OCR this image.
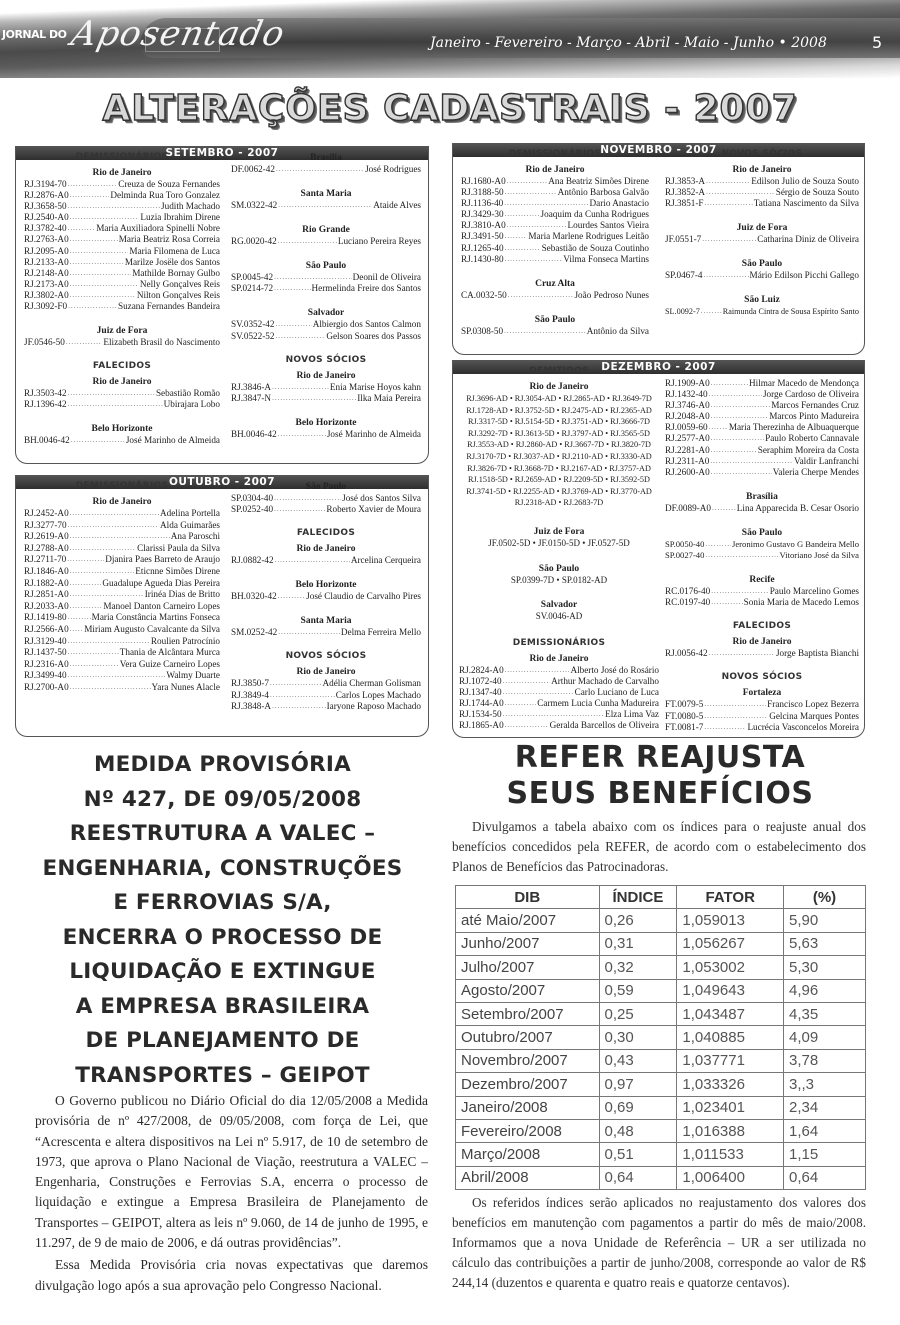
JORNAL DO Aposentado	Janeiro - Fevereiro - Março - Abril - Maio - Junho • 2008	5
ALTERAÇÕES CADASTRAIS - 2007
SETEMBRO - 2007
DEMISSIONÁRIOS
Rio de Janeiro
RJ.3194-70 .....	Creuza de Souza Fernandes
RJ.2876-A0 .....	Delminda Rua Toro Gonzalez
RJ.3658-50 .....	Judith Machado
RJ.2540-A0 .....	Luzia Ibrahim Direne
RJ.3782-40 .....	Maria Auxiliadora Spinelli Nobre
RJ.2763-A0 .....	Maria Beatriz Rosa Correia
RJ.2095-A0 .....	Maria Filomena de Luca
RJ.2133-A0 .....	Marilze Josële dos Santos
RJ.2148-A0 .....	Mathilde Bornay Gulbo
RJ.2173-A0 .....	Nelly Gonçalves Reis
RJ.3802-A0 .....	Nilton Gonçalves Reis
RJ.3092-F0 .....	Suzana Fernandes Bandeira
Juiz de Fora
JF.0546-50 .....	Elizabeth Brasil do Nascimento
FALECIDOS
Rio de Janeiro
RJ.3503-42 .....	Sebastião Romão
RJ.1396-42 .....	Ubirajara Lobo
Belo Horizonte
BH.0046-42 .....	José Marinho de Almeida
Brasília
DF.0062-42 .....	José Rodrigues
Santa Maria
SM.0322-42 .....	Ataide Alves
Rio Grande
RG.0020-42 .....	Luciano Pereira Reyes
São Paulo
SP.0045-42 .....	Deonil de Oliveira
SP.0214-72 .....	Hermelinda Freire dos Santos
Salvador
SV.0352-42 .....	Albiergio dos Santos Calmon
SV.0522-52 .....	Gelson Soares dos Passos
NOVOS SÓCIOS
Rio de Janeiro
RJ.3846-A .....	Enia Marise Hoyos kahn
RJ.3847-N .....	Ilka Maia Pereira
Belo Horizonte
BH.0046-42 .....	José Marinho de Almeida
OUTUBRO - 2007
DEMISSIONÁRIOS
Rio de Janeiro
RJ.2452-A0 .....	Adelina Portella
RJ.3277-70 .....	Alda Guimarães
RJ.2619-A0 .....	Ana Paroschi
RJ.2788-A0 .....	Clarissi Paula da Silva
RJ.2711-70 .....	Djanira Paes Barreto de Araujo
RJ.1846-A0 .....	Eticnne Simões Direne
RJ.1882-A0 .....	Guadalupe Agueda Dias Pereira
RJ.2851-A0 .....	Irinéa Dias de Britto
RJ.2033-A0 .....	Manoel Danton Carneiro Lopes
RJ.1419-80 .....	Maria Constância Martins Fonseca
RJ.2566-A0 ..... Miriam Augusto Cavalcante da Silva
RJ.3129-40 .....	Roulien Patrocínio
RJ.1437-50 .....	Thania de Alcântara Murca
RJ.2316-A0 .....	Vera Guize Carneiro Lopes
RJ.3499-40 .....	Walmy Duarte
RJ.2700-A0 .....	Yara Nunes Alacle
São Paulo
SP.0304-40 .....	José dos Santos Silva
SP.0252-40 .....	Roberto Xavier de Moura
FALECIDOS
Rio de Janeiro
RJ.0882-42 .....	Arcelina Cerqueira
Belo Horizonte
BH.0320-42 .....	José Claudio de Carvalho Pires
Santa Maria
SM.0252-42 .....	Delma Ferreira Mello
NOVOS SÓCIOS
Rio de Janeiro
RJ.3850-7 .....	Adélia Cherman Golisman
RJ.3849-4 .....	Carlos Lopes Machado
RJ.3848-A .....	Iaryone Raposo Machado
NOVEMBRO - 2007
DEMISSIONÁRIOS
Rio de Janeiro
RJ.1680-A0 .....	Ana Beatriz Simões Direne
RJ.3188-50 .....	Antônio Barbosa Galvão
RJ.1136-40 .....	Dario Anastacio
RJ.3429-30 .....	Joaquim da Cunha Rodrigues
RJ.3810-A0 .....	Lourdes Santos Vieira
RJ.3491-50 .....	Maria Marlene Rodrigues Leitão
RJ.1265-40 .....	Sebastião de Souza Coutinho
RJ.1430-80 .....	Vilma Fonseca Martins
Cruz Alta
CA.0032-50 .....	João Pedroso Nunes
São Paulo
SP.0308-50 .....	Antônio da Silva
NOVOS SÓCIOS
Rio de Janeiro
RJ.3853-A .....	Edilson Julio de Souza Souto
RJ.3852-A .....	Sérgio de Souza Souto
RJ.3851-F .....	Tatiana Nascimento da Silva
Juiz de Fora
JF.0551-7 .....	Catharina Diniz de Oliveira
São Paulo
SP.0467-4 .....	Mário Edilson Picchi Gallego
São Luiz
SL.0092-7 .....	Raimunda Cintra de Sousa Espírito Santo
DEZEMBRO - 2007
DEMITIDOS
Rio de Janeiro
RJ.3696-AD • RJ.3054-AD • RJ.2865-AD • RJ.3649-7D
RJ.1728-AD • RJ.3752-5D • RJ.2475-AD • RJ.2365-AD
RJ.3317-5D • RJ.5154-5D • RJ.3751-AD • RJ.3666-7D
RJ.3292-7D • RJ.3613-5D • RJ.3797-AD • RJ.3565-5D
RJ.3553-AD • RJ.2860-AD • RJ.3667-7D • RJ.3820-7D
RJ.3170-7D • RJ.3037-AD • RJ.2110-AD • RJ.3330-AD
RJ.3826-7D • RJ.3668-7D • RJ.2167-AD • RJ.3757-AD
RJ.1518-5D • RJ.2659-AD • RJ.2209-5D • RJ.3592-5D
RJ.3741-5D • RJ.2255-AD • RJ.3769-AD • RJ.3770-AD
RJ.2318-AD • RJ.2683-7D
Juiz de Fora
JF.0502-5D • JF.0150-5D • JF.0527-5D
São Paulo
SP.0399-7D • SP.0182-AD
Salvador
SV.0046-AD
DEMISSIONÁRIOS
Rio de Janeiro
RJ.2824-A0 .....	Alberto José do Rosário
RJ.1072-40 .....	Arthur Machado de Carvalho
RJ.1347-40 .....	Carlo Luciano de Luca
RJ.1744-A0 .....	Carmem Lucia Cunha Madureira
RJ.1534-50 .....	Elza Lima Vaz
RJ.1865-A0 .....	Geralda Barcellos de Oliveira
RJ.1909-A0 .....	Hilmar Macedo de Mendonça
RJ.1432-40 .....	Jorge Cardoso de Oliveira
RJ.3746-A0 .....	Marcos Fernandes Cruz
RJ.2048-A0 .....	Marcos Pinto Madureira
RJ.0059-60 ..... Maria Therezinha de Albuaquerque
RJ.2577-A0 .....	Paulo Roberto Cannavale
RJ.2281-A0 .....	Seraphim Moreira da Costa
RJ.2311-A0 .....	Valdir Lanfranchi
RJ.2600-A0 .....	Valeria Cherpe Mendes
Brasília
DF.0089-A0 .....	Lina Apparecida B. Cesar Osorio
São Paulo
SP.0050-40 .....	Jeronimo Gustavo G Bandeira Mello
SP.0027-40 .....	Vitoriano José da Silva
Recife
RC.0176-40 .....	Paulo Marcelino Gomes
RC.0197-40 .....	Sonia Maria de Macedo Lemos
FALECIDOS
Rio de Janeiro
RJ.0056-42 .....	Jorge Baptista Bianchi
NOVOS SÓCIOS
Fortaleza
FT.0079-5 .....	Francisco Lopez Bezerra
FT.0080-5 .....	Gelcina Marques Pontes
FT.0081-7 .....	Lucrécia Vasconcelos Moreira
MEDIDA PROVISÓRIA
Nº 427, DE 09/05/2008
REESTRUTURA A VALEC –
ENGENHARIA, CONSTRUÇÕES
E FERROVIAS S/A,
ENCERRA O PROCESSO DE
LIQUIDAÇÃO E EXTINGUE
A EMPRESA BRASILEIRA
DE PLANEJAMENTO DE
TRANSPORTES – GEIPOT

O Governo publicou no Diário Oficial do dia 12/05/2008 a Medida provisória de nº 427/2008, de 09/05/2008, com força de Lei, que “Acrescenta e altera dispositivos na Lei nº 5.917, de 10 de setembro de 1973, que aprova o Plano Nacional de Viação, reestrutura a VALEC – Engenharia, Construções e Ferrovias S.A, encerra o processo de liquidação e extingue a Empresa Brasileira de Planejamento de Transportes – GEIPOT, altera as leis nº 9.060, de 14 de junho de 1995, e 11.297, de 9 de maio de 2006, e dá outras providências”.

Essa Medida Provisória cria novas expectativas que daremos divulgação logo após a sua aprovação pelo Congresso Nacional.

REFER REAJUSTA
SEUS BENEFÍCIOS

Divulgamos a tabela abaixo com os índices para o reajuste anual dos benefícios concedidos pela REFER, de acordo com o estabelecimento dos Planos de Benefícios das Patrocinadoras.

DIB	ÍNDICE	FATOR	(%)
até Maio/2007	0,26	1,059013	5,90
Junho/2007	0,31	1,056267	5,63
Julho/2007	0,32	1,053002	5,30
Agosto/2007	0,59	1,049643	4,96
Setembro/2007	0,25	1,043487	4,35
Outubro/2007	0,30	1,040885	4,09
Novembro/2007	0,43	1,037771	3,78
Dezembro/2007	0,97	1,033326	3,,3
Janeiro/2008	0,69	1,023401	2,34
Fevereiro/2008	0,48	1,016388	1,64
Março/2008	0,51	1,011533	1,15
Abril/2008	0,64	1,006400	0,64

Os referidos índices serão aplicados no reajustamento dos valores dos benefícios em manutenção com pagamentos a partir do mês de maio/2008. Informamos que a nova Unidade de Referência – UR a ser utilizada no cálculo das contribuições a partir de junho/2008, corresponde ao valor de R$ 244,14 (duzentos e quarenta e quatro reais e quatorze centavos).
